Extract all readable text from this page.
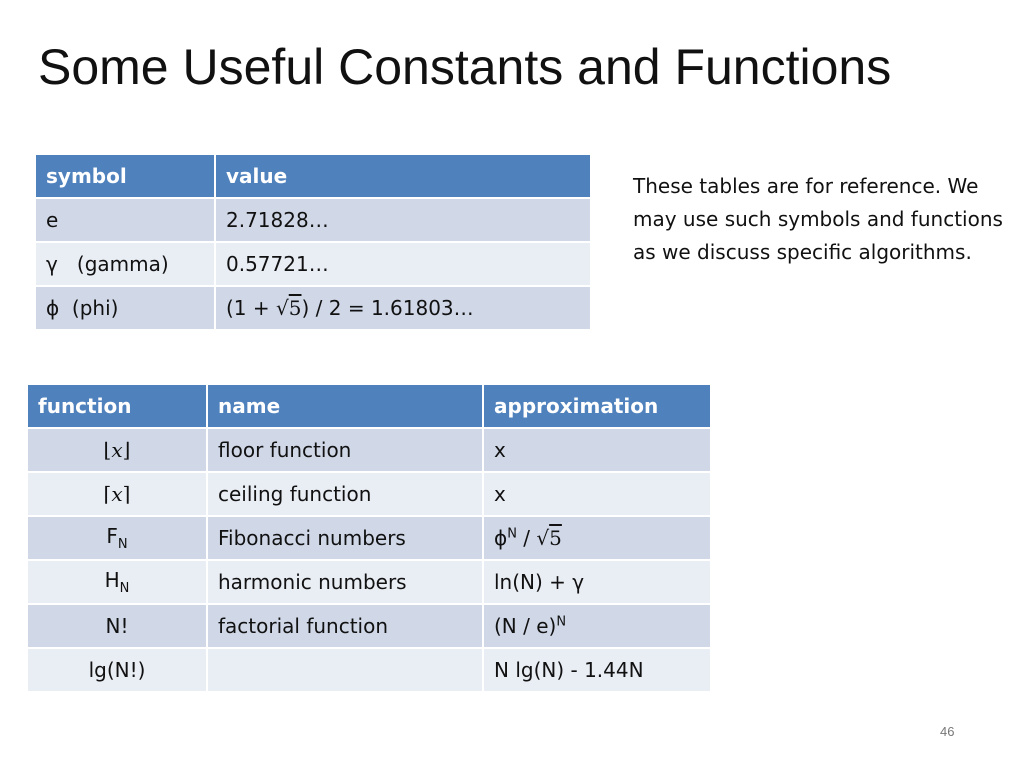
Some Useful Constants and Functions
symbol	value
e	2.71828…
γ   (gamma)	0.57721…
ϕ  (phi)	(1 + √5) / 2 = 1.61803…

These tables are for reference. We may use such symbols and functions as we discuss specific algorithms.

function	name	approximation
⌊x⌋	floor function	x
⌈x⌉	ceiling function	x
$F_N$	Fibonacci numbers	$\phi^N / √5$
$H_N$	harmonic numbers	ln(N) + γ
N!	factorial function	(N / e)$^N$
lg(N!)		N lg(N) - 1.44N
46
